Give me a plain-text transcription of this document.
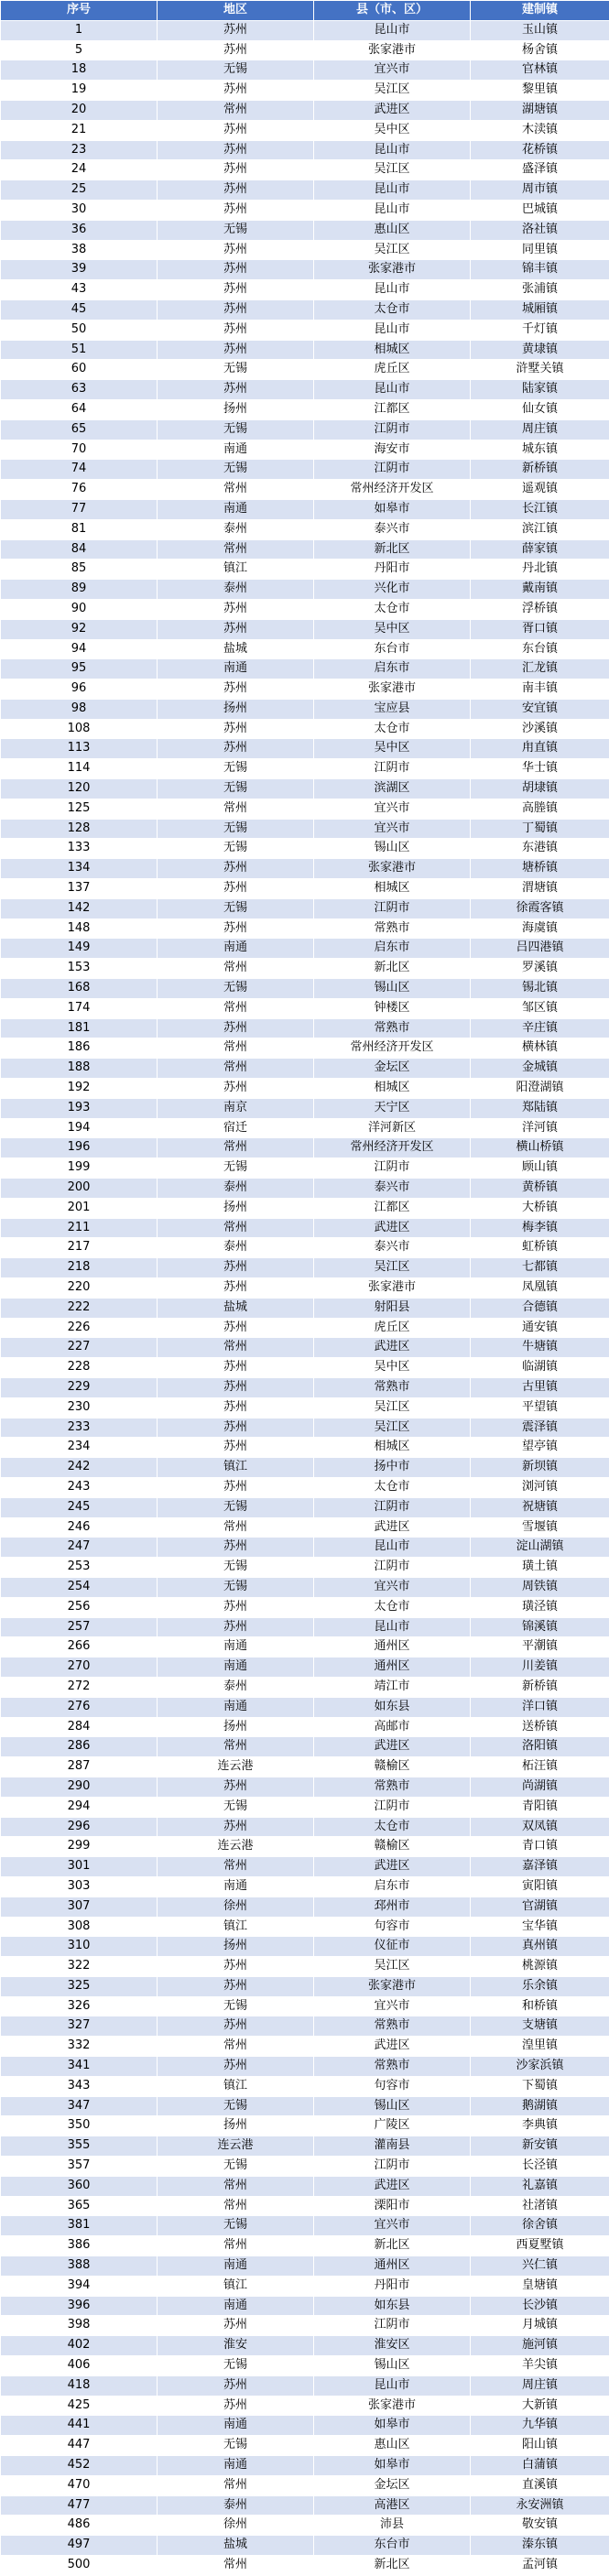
序号	地区	县（市、区）	建制镇
1	苏州	昆山市	玉山镇
5	苏州	张家港市	杨舍镇
18	无锡	宜兴市	官林镇
19	苏州	吴江区	黎里镇
20	常州	武进区	湖塘镇
21	苏州	吴中区	木渎镇
23	苏州	昆山市	花桥镇
24	苏州	吴江区	盛泽镇
25	苏州	昆山市	周市镇
30	苏州	昆山市	巴城镇
36	无锡	惠山区	洛社镇
38	苏州	吴江区	同里镇
39	苏州	张家港市	锦丰镇
43	苏州	昆山市	张浦镇
45	苏州	太仓市	城厢镇
50	苏州	昆山市	千灯镇
51	苏州	相城区	黄埭镇
60	无锡	虎丘区	浒墅关镇
63	苏州	昆山市	陆家镇
64	扬州	江都区	仙女镇
65	无锡	江阴市	周庄镇
70	南通	海安市	城东镇
74	无锡	江阴市	新桥镇
76	常州	常州经济开发区	遥观镇
77	南通	如皋市	长江镇
81	泰州	泰兴市	滨江镇
84	常州	新北区	薛家镇
85	镇江	丹阳市	丹北镇
89	泰州	兴化市	戴南镇
90	苏州	太仓市	浮桥镇
92	苏州	吴中区	胥口镇
94	盐城	东台市	东台镇
95	南通	启东市	汇龙镇
96	苏州	张家港市	南丰镇
98	扬州	宝应县	安宜镇
108	苏州	太仓市	沙溪镇
113	苏州	吴中区	甪直镇
114	无锡	江阴市	华士镇
120	无锡	滨湖区	胡埭镇
125	常州	宜兴市	高塍镇
128	无锡	宜兴市	丁蜀镇
133	无锡	锡山区	东港镇
134	苏州	张家港市	塘桥镇
137	苏州	相城区	渭塘镇
142	无锡	江阴市	徐霞客镇
148	苏州	常熟市	海虞镇
149	南通	启东市	吕四港镇
153	常州	新北区	罗溪镇
168	无锡	锡山区	锡北镇
174	常州	钟楼区	邹区镇
181	苏州	常熟市	辛庄镇
186	常州	常州经济开发区	横林镇
188	常州	金坛区	金城镇
192	苏州	相城区	阳澄湖镇
193	南京	天宁区	郑陆镇
194	宿迁	洋河新区	洋河镇
196	常州	常州经济开发区	横山桥镇
199	无锡	江阴市	顾山镇
200	泰州	泰兴市	黄桥镇
201	扬州	江都区	大桥镇
211	常州	武进区	梅李镇
217	泰州	泰兴市	虹桥镇
218	苏州	吴江区	七都镇
220	苏州	张家港市	凤凰镇
222	盐城	射阳县	合德镇
226	苏州	虎丘区	通安镇
227	常州	武进区	牛塘镇
228	苏州	吴中区	临湖镇
229	苏州	常熟市	古里镇
230	苏州	吴江区	平望镇
233	苏州	吴江区	震泽镇
234	苏州	相城区	望亭镇
242	镇江	扬中市	新坝镇
243	苏州	太仓市	浏河镇
245	无锡	江阴市	祝塘镇
246	常州	武进区	雪堰镇
247	苏州	昆山市	淀山湖镇
253	无锡	江阴市	璜土镇
254	无锡	宜兴市	周铁镇
256	苏州	太仓市	璜泾镇
257	苏州	昆山市	锦溪镇
266	南通	通州区	平潮镇
270	南通	通州区	川姜镇
272	泰州	靖江市	新桥镇
276	南通	如东县	洋口镇
284	扬州	高邮市	送桥镇
286	常州	武进区	洛阳镇
287	连云港	赣榆区	柘汪镇
290	苏州	常熟市	尚湖镇
294	无锡	江阴市	青阳镇
296	苏州	太仓市	双凤镇
299	连云港	赣榆区	青口镇
301	常州	武进区	嘉泽镇
303	南通	启东市	寅阳镇
307	徐州	邳州市	官湖镇
308	镇江	句容市	宝华镇
310	扬州	仪征市	真州镇
322	苏州	吴江区	桃源镇
325	苏州	张家港市	乐余镇
326	无锡	宜兴市	和桥镇
327	苏州	常熟市	支塘镇
332	常州	武进区	湟里镇
341	苏州	常熟市	沙家浜镇
343	镇江	句容市	下蜀镇
347	无锡	锡山区	鹅湖镇
350	扬州	广陵区	李典镇
355	连云港	灌南县	新安镇
357	无锡	江阴市	长泾镇
360	常州	武进区	礼嘉镇
365	常州	溧阳市	社渚镇
381	无锡	宜兴市	徐舍镇
386	常州	新北区	西夏墅镇
388	南通	通州区	兴仁镇
394	镇江	丹阳市	皇塘镇
396	南通	如东县	长沙镇
398	苏州	江阴市	月城镇
402	淮安	淮安区	施河镇
406	无锡	锡山区	羊尖镇
418	苏州	昆山市	周庄镇
425	苏州	张家港市	大新镇
441	南通	如皋市	九华镇
447	无锡	惠山区	阳山镇
452	南通	如皋市	白蒲镇
470	常州	金坛区	直溪镇
477	泰州	高港区	永安洲镇
486	徐州	沛县	敬安镇
497	盐城	东台市	溱东镇
500	常州	新北区	孟河镇
